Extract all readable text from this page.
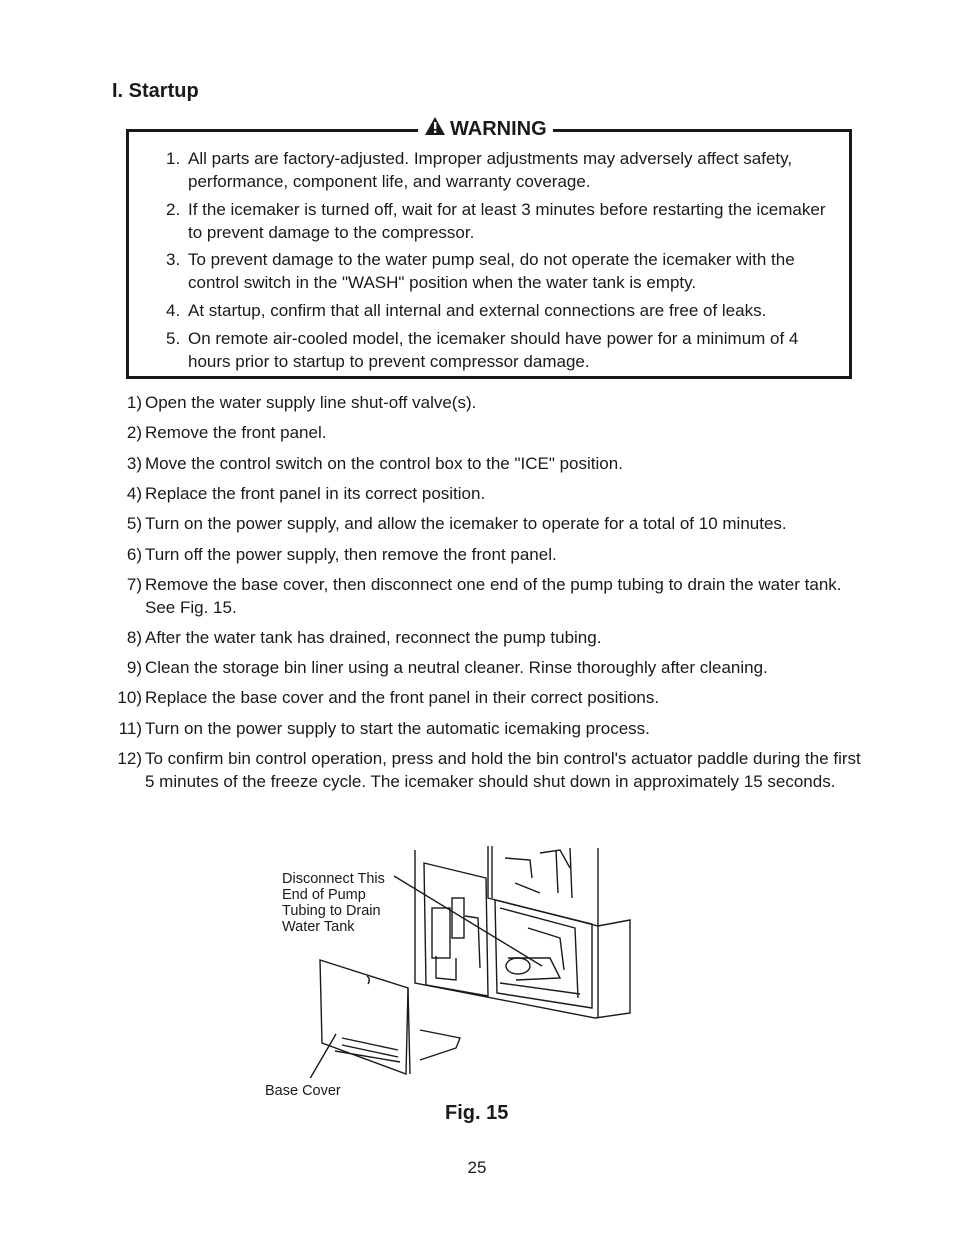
I. Startup
WARNING
1. All parts are factory-adjusted. Improper adjustments may adversely affect safety, performance, component life, and warranty coverage.
2. If the icemaker is turned off, wait for at least 3 minutes before restarting the icemaker to prevent damage to the compressor.
3. To prevent damage to the water pump seal, do not operate the icemaker with the control switch in the "WASH" position when the water tank is empty.
4. At startup, confirm that all internal and external connections are free of leaks.
5. On remote air-cooled model, the icemaker should have power for a minimum of 4 hours prior to startup to prevent compressor damage.
1) Open the water supply line shut-off valve(s).
2) Remove the front panel.
3) Move the control switch on the control box to the "ICE" position.
4) Replace the front panel in its correct position.
5) Turn on the power supply, and allow the icemaker to operate for a total of 10 minutes.
6) Turn off the power supply, then remove the front panel.
7) Remove the base cover, then disconnect one end of the pump tubing to drain the water tank. See Fig. 15.
8) After the water tank has drained, reconnect the pump tubing.
9) Clean the storage bin liner using a neutral cleaner. Rinse thoroughly after cleaning.
10) Replace the base cover and the front panel in their correct positions.
11) Turn on the power supply to start the automatic icemaking process.
12) To confirm bin control operation, press and hold the bin control's actuator paddle during the first 5 minutes of the freeze cycle. The icemaker should shut down in approximately 15 seconds.
Disconnect This
End of Pump
Tubing to Drain
Water Tank
Base Cover
Fig. 15
25
